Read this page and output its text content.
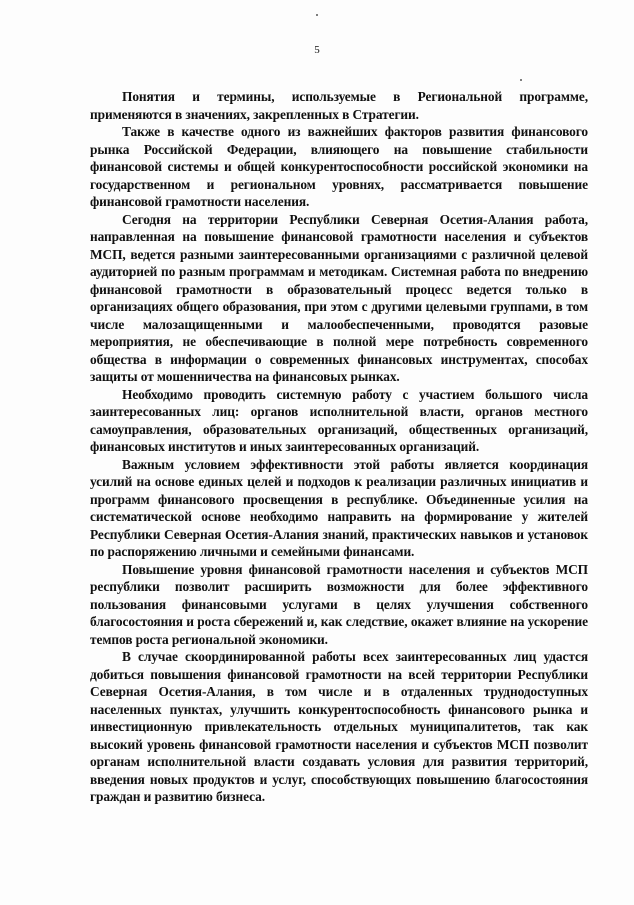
5

Понятия и термины, используемые в Региональной программе, применяются в значениях, закрепленных в Стратегии.

Также в качестве одного из важнейших факторов развития финансового рынка Российской Федерации, влияющего на повышение стабильности финансовой системы и общей конкурентоспособности российской экономики на государственном и региональном уровнях, рассматривается повышение финансовой грамотности населения.

Сегодня на территории Республики Северная Осетия-Алания работа, направленная на повышение финансовой грамотности населения и субъектов МСП, ведется разными заинтересованными организациями с различной целевой аудиторией по разным программам и методикам. Системная работа по внедрению финансовой грамотности в образовательный процесс ведется только в организациях общего образования, при этом с другими целевыми группами, в том числе малозащищенными и малообеспеченными, проводятся разовые мероприятия, не обеспечивающие в полной мере потребность современного общества в информации о современных финансовых инструментах, способах защиты от мошенничества на финансовых рынках.

Необходимо проводить системную работу с участием большого числа заинтересованных лиц: органов исполнительной власти, органов местного самоуправления, образовательных организаций, общественных организаций, финансовых институтов и иных заинтересованных организаций.

Важным условием эффективности этой работы является координация усилий на основе единых целей и подходов к реализации различных инициатив и программ финансового просвещения в республике. Объединенные усилия на систематической основе необходимо направить на формирование у жителей Республики Северная Осетия-Алания знаний, практических навыков и установок по распоряжению личными и семейными финансами.

Повышение уровня финансовой грамотности населения и субъектов МСП республики позволит расширить возможности для более эффективного пользования финансовыми услугами в целях улучшения собственного благосостояния и роста сбережений и, как следствие, окажет влияние на ускорение темпов роста региональной экономики.

В случае скоординированной работы всех заинтересованных лиц удастся добиться повышения финансовой грамотности на всей территории Республики Северная Осетия-Алания, в том числе и в отдаленных труднодоступных населенных пунктах, улучшить конкурентоспособность финансового рынка и инвестиционную привлекательность отдельных муниципалитетов, так как высокий уровень финансовой грамотности населения и субъектов МСП позволит органам исполнительной власти создавать условия для развития территорий, введения новых продуктов и услуг, способствующих повышению благосостояния граждан и развитию бизнеса.
